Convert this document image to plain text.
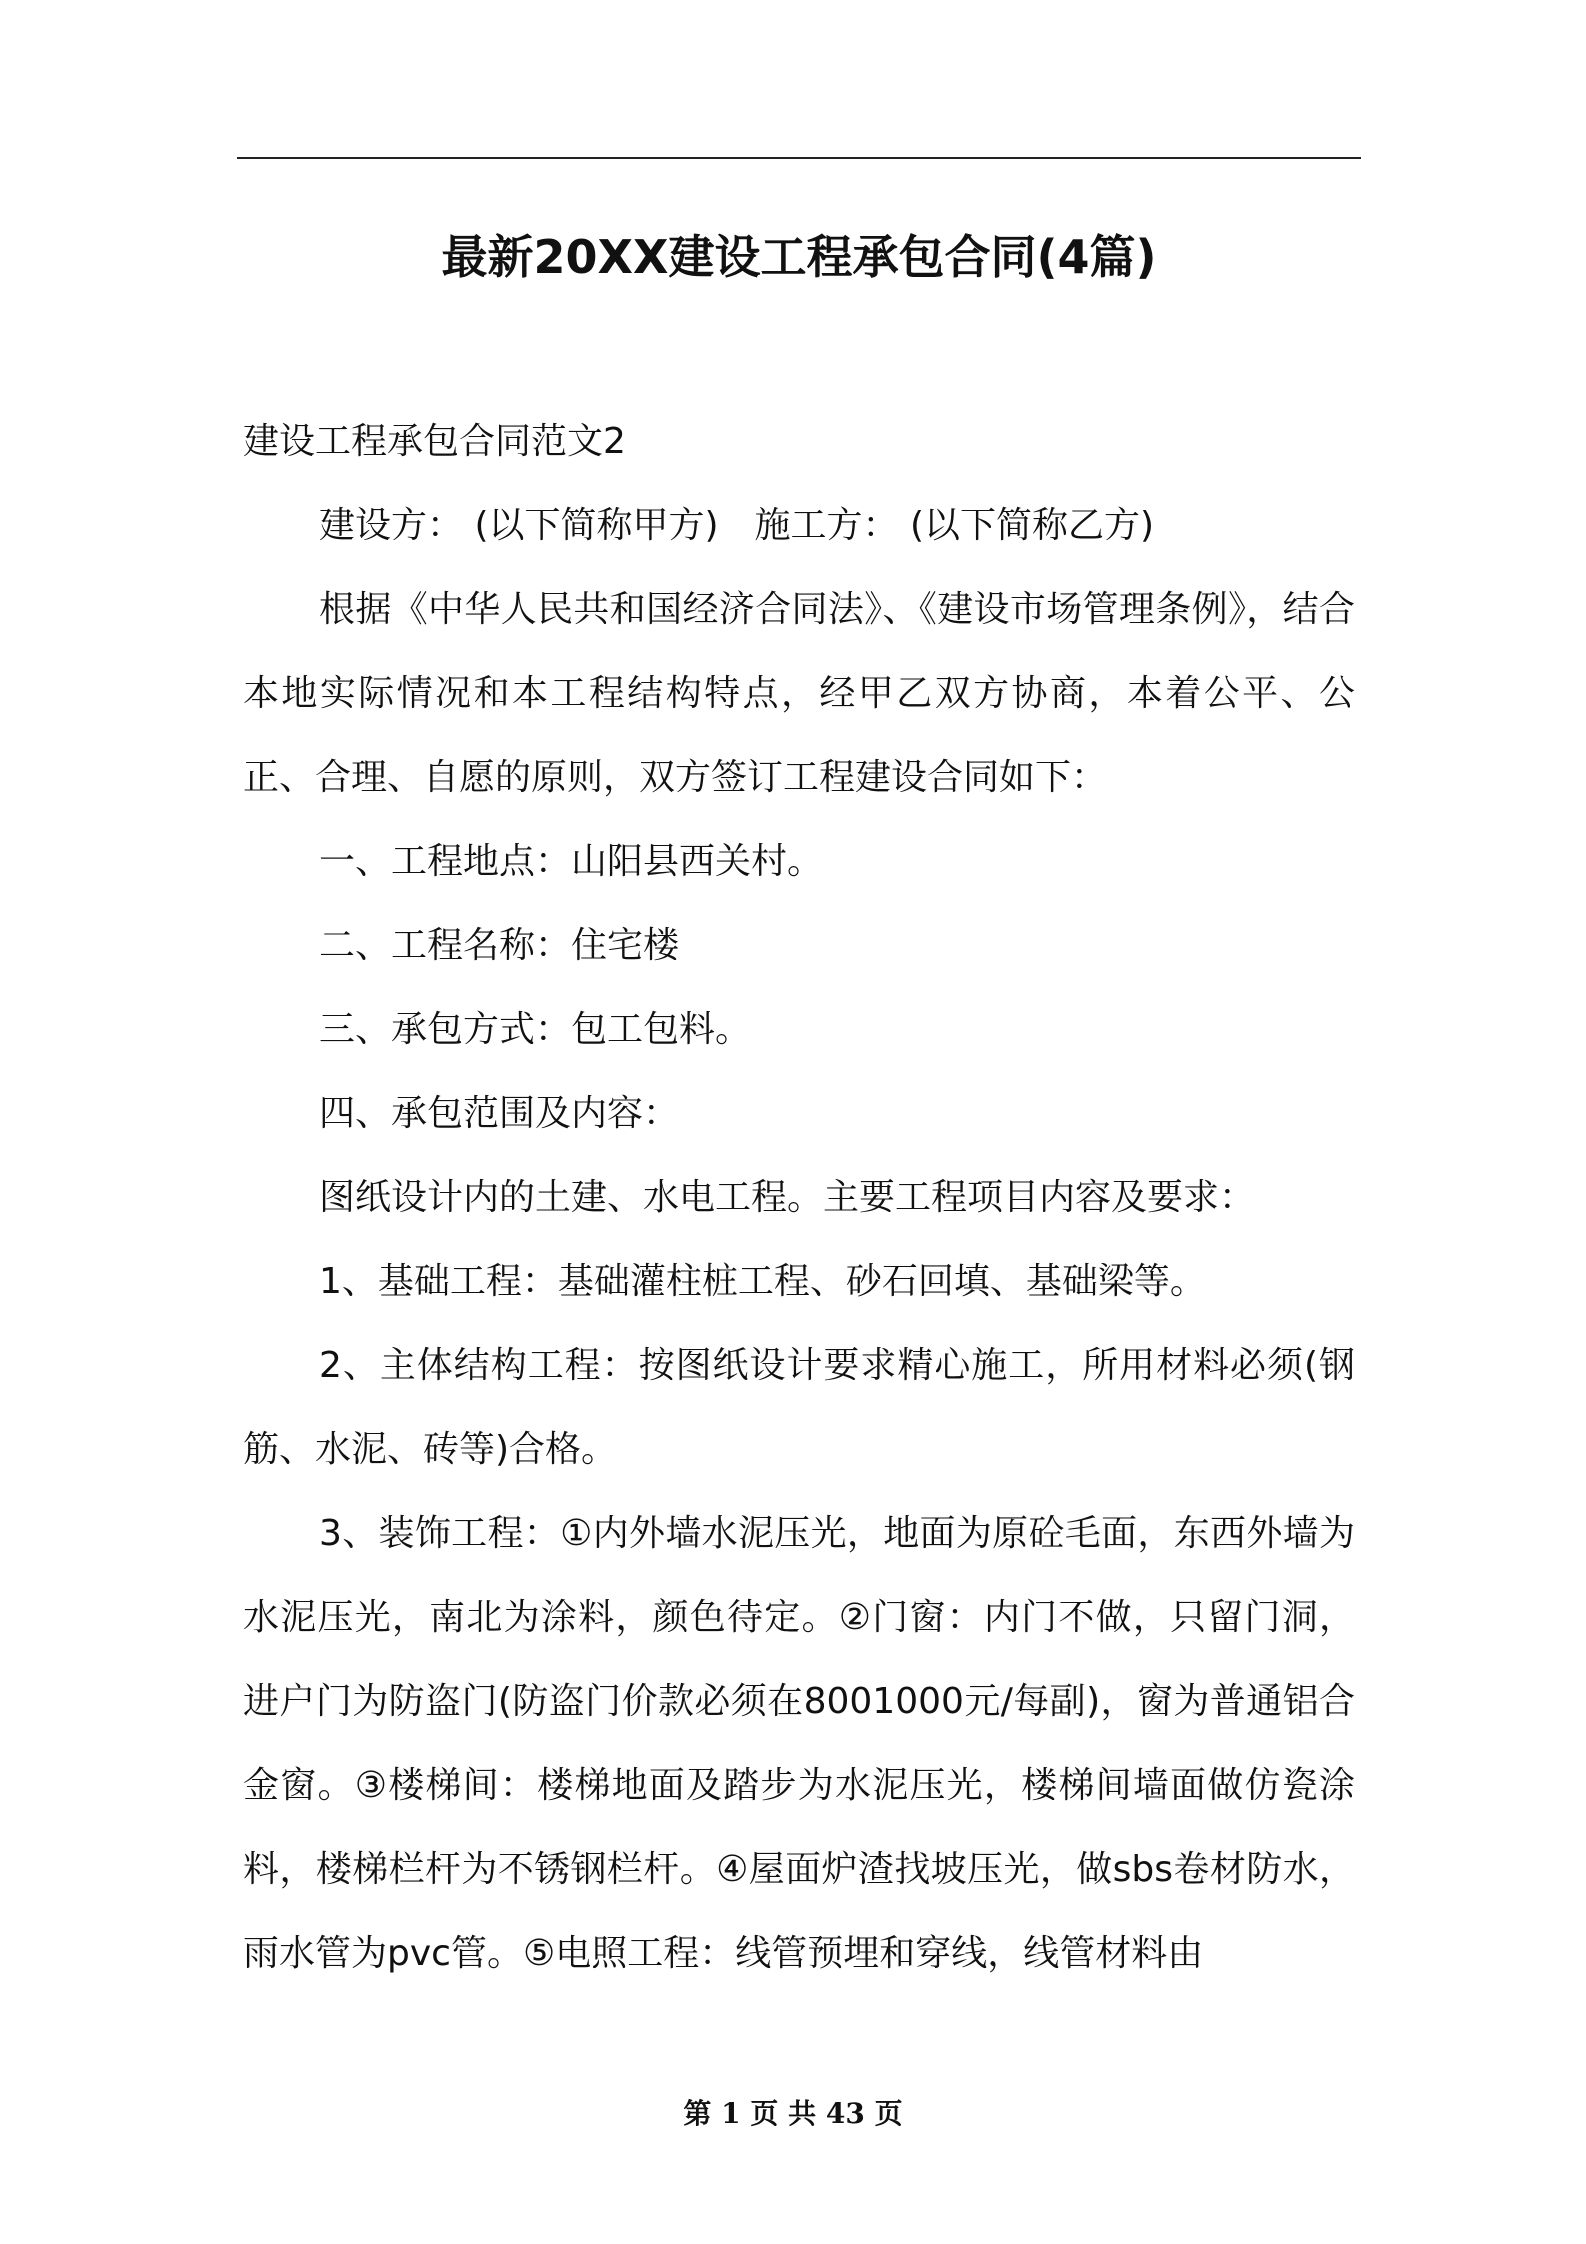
最新20XX建设工程承包合同(4篇)

建设工程承包合同范文2

建设方： (以下简称甲方)　施工方： (以下简称乙方)

根据《中华人民共和国经济合同法》、《建设市场管理条例》，结合本地实际情况和本工程结构特点，经甲乙双方协商，本着公平、公正、合理、自愿的原则，双方签订工程建设合同如下：

一、工程地点：山阳县西关村。

二、工程名称：住宅楼

三、承包方式：包工包料。

四、承包范围及内容：

图纸设计内的土建、水电工程。主要工程项目内容及要求：

1、基础工程：基础灌柱桩工程、砂石回填、基础梁等。

2、主体结构工程：按图纸设计要求精心施工，所用材料必须(钢筋、水泥、砖等)合格。

3、装饰工程：①内外墙水泥压光，地面为原砼毛面，东西外墙为水泥压光，南北为涂料，颜色待定。②门窗：内门不做，只留门洞，进户门为防盗门(防盗门价款必须在8001000元/每副)，窗为普通铝合金窗。③楼梯间：楼梯地面及踏步为水泥压光，楼梯间墙面做仿瓷涂料，楼梯栏杆为不锈钢栏杆。④屋面炉渣找坡压光，做sbs卷材防水，雨水管为pvc管。⑤电照工程：线管预埋和穿线，线管材料由

第 1 页 共 43 页
